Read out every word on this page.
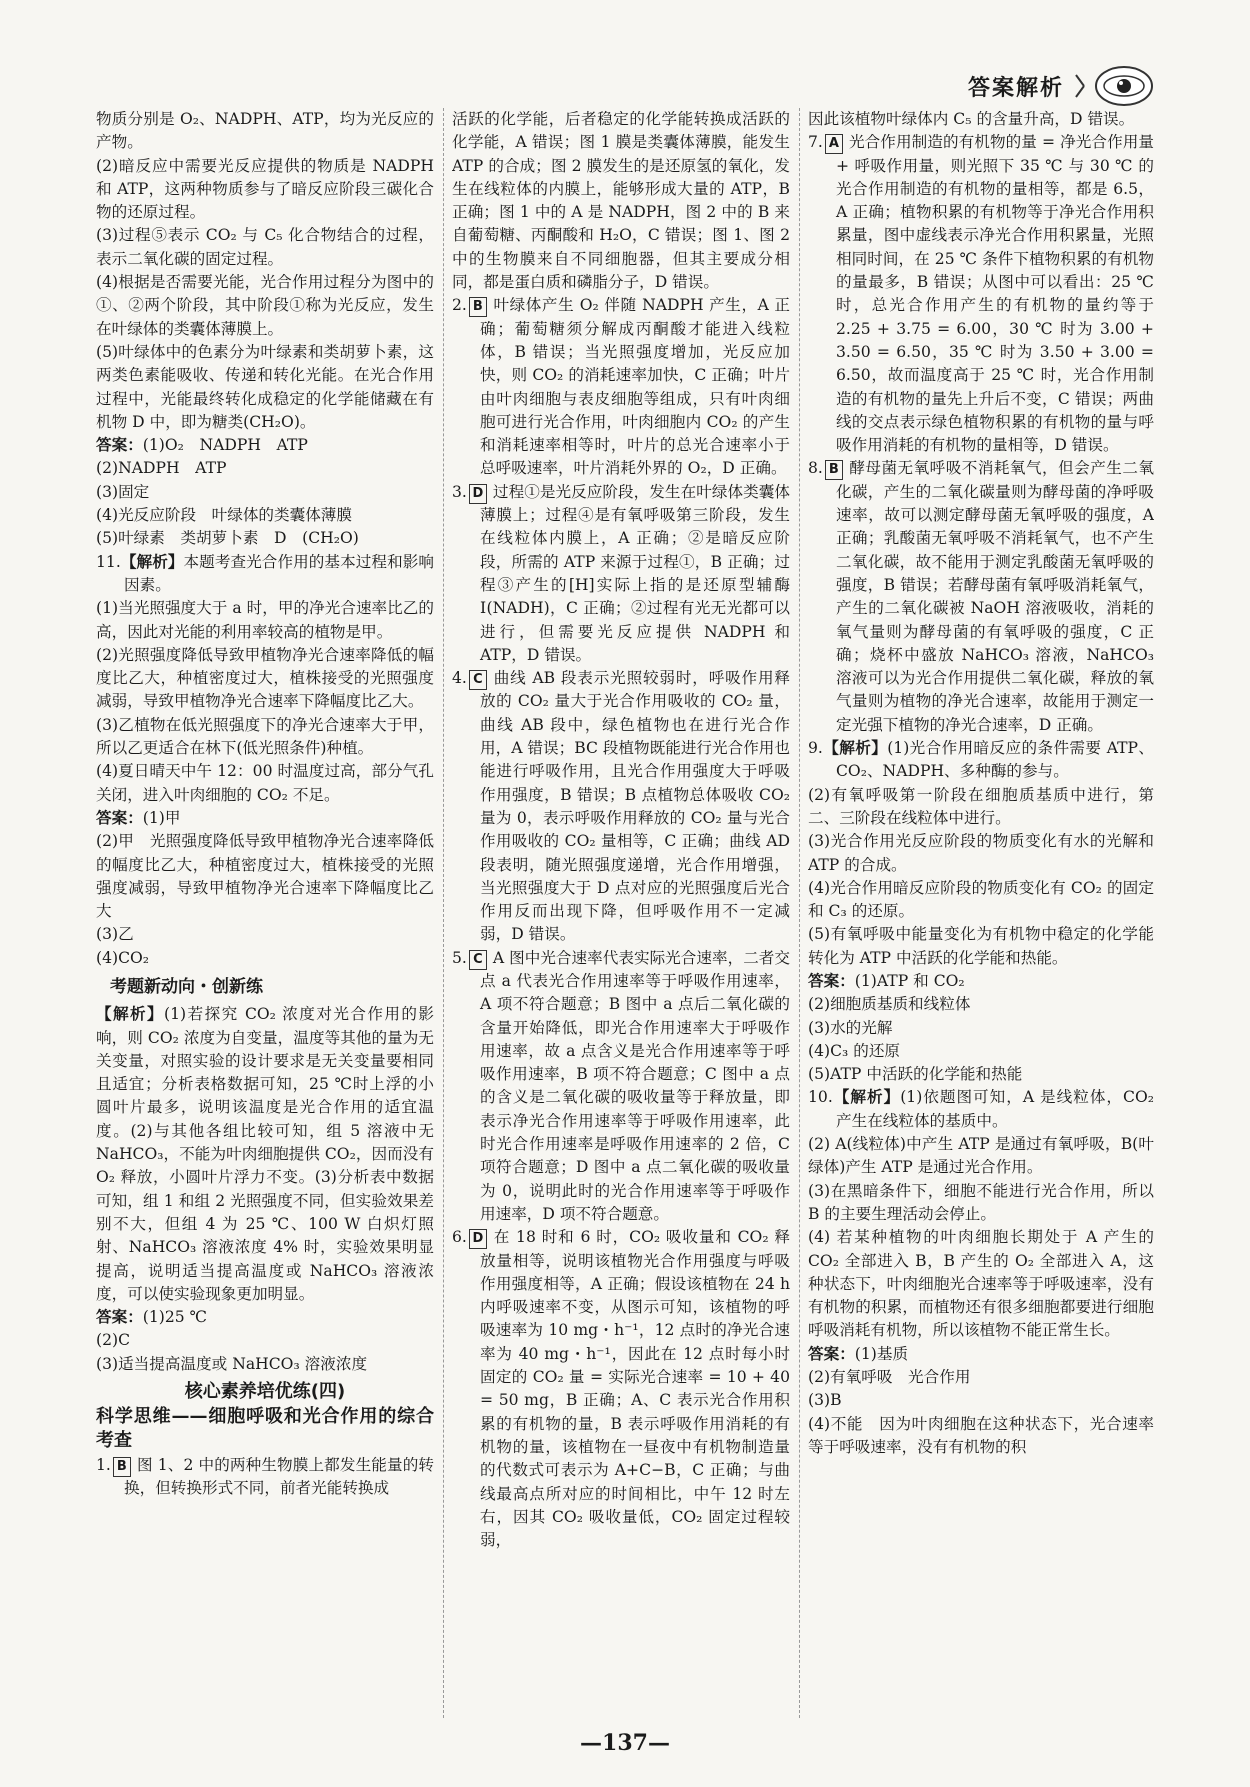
答案解析

物质分别是 O₂、NADPH、ATP，均为光反应的产物。

(2)暗反应中需要光反应提供的物质是 NADPH 和 ATP，这两种物质参与了暗反应阶段三碳化合物的还原过程。

(3)过程⑤表示 CO₂ 与 C₅ 化合物结合的过程，表示二氧化碳的固定过程。

(4)根据是否需要光能，光合作用过程分为图中的①、②两个阶段，其中阶段①称为光反应，发生在叶绿体的类囊体薄膜上。

(5)叶绿体中的色素分为叶绿素和类胡萝卜素，这两类色素能吸收、传递和转化光能。在光合作用过程中，光能最终转化成稳定的化学能储藏在有机物 D 中，即为糖类(CH₂O)。

答案：(1)O₂　NADPH　ATP

(2)NADPH　ATP

(3)固定

(4)光反应阶段　叶绿体的类囊体薄膜

(5)叶绿素　类胡萝卜素　D　(CH₂O)

11.【解析】本题考查光合作用的基本过程和影响因素。

(1)当光照强度大于 a 时，甲的净光合速率比乙的高，因此对光能的利用率较高的植物是甲。

(2)光照强度降低导致甲植物净光合速率降低的幅度比乙大，种植密度过大，植株接受的光照强度减弱，导致甲植物净光合速率下降幅度比乙大。

(3)乙植物在低光照强度下的净光合速率大于甲，所以乙更适合在林下(低光照条件)种植。

(4)夏日晴天中午 12：00 时温度过高，部分气孔关闭，进入叶肉细胞的 CO₂ 不足。

答案：(1)甲

(2)甲　光照强度降低导致甲植物净光合速率降低的幅度比乙大，种植密度过大，植株接受的光照强度减弱，导致甲植物净光合速率下降幅度比乙大

(3)乙

(4)CO₂

考题新动向・创新练

【解析】(1)若探究 CO₂ 浓度对光合作用的影响，则 CO₂ 浓度为自变量，温度等其他的量为无关变量，对照实验的设计要求是无关变量要相同且适宜；分析表格数据可知，25 ℃时上浮的小圆叶片最多，说明该温度是光合作用的适宜温度。(2)与其他各组比较可知，组 5 溶液中无 NaHCO₃，不能为叶肉细胞提供 CO₂，因而没有 O₂ 释放，小圆叶片浮力不变。(3)分析表中数据可知，组 1 和组 2 光照强度不同，但实验效果差别不大，但组 4 为 25 ℃、100 W 白炽灯照射、NaHCO₃ 溶液浓度 4% 时，实验效果明显提高，说明适当提高温度或 NaHCO₃ 溶液浓度，可以使实验现象更加明显。

答案：(1)25 ℃

(2)C

(3)适当提高温度或 NaHCO₃ 溶液浓度

核心素养培优练(四)
科学思维——细胞呼吸和光合作用的综合考查

1. B 图 1、2 中的两种生物膜上都发生能量的转换，但转换形式不同，前者光能转换成

活跃的化学能，后者稳定的化学能转换成活跃的化学能，A 错误；图 1 膜是类囊体薄膜，能发生 ATP 的合成；图 2 膜发生的是还原氢的氧化，发生在线粒体的内膜上，能够形成大量的 ATP，B 正确；图 1 中的 A 是 NADPH，图 2 中的 B 来自葡萄糖、丙酮酸和 H₂O，C 错误；图 1、图 2 中的生物膜来自不同细胞器，但其主要成分相同，都是蛋白质和磷脂分子，D 错误。

2. B 叶绿体产生 O₂ 伴随 NADPH 产生，A 正确；葡萄糖须分解成丙酮酸才能进入线粒体，B 错误；当光照强度增加，光反应加快，则 CO₂ 的消耗速率加快，C 正确；叶片由叶肉细胞与表皮细胞等组成，只有叶肉细胞可进行光合作用，叶肉细胞内 CO₂ 的产生和消耗速率相等时，叶片的总光合速率小于总呼吸速率，叶片消耗外界的 O₂，D 正确。

3. D 过程①是光反应阶段，发生在叶绿体类囊体薄膜上；过程④是有氧呼吸第三阶段，发生在线粒体内膜上，A 正确；②是暗反应阶段，所需的 ATP 来源于过程①，B 正确；过程③产生的[H]实际上指的是还原型辅酶Ⅰ(NADH)，C 正确；②过程有光无光都可以进行，但需要光反应提供 NADPH 和 ATP，D 错误。

4. C 曲线 AB 段表示光照较弱时，呼吸作用释放的 CO₂ 量大于光合作用吸收的 CO₂ 量，曲线 AB 段中，绿色植物也在进行光合作用，A 错误；BC 段植物既能进行光合作用也能进行呼吸作用，且光合作用强度大于呼吸作用强度，B 错误；B 点植物总体吸收 CO₂ 量为 0，表示呼吸作用释放的 CO₂ 量与光合作用吸收的 CO₂ 量相等，C 正确；曲线 AD 段表明，随光照强度递增，光合作用增强，当光照强度大于 D 点对应的光照强度后光合作用反而出现下降，但呼吸作用不一定减弱，D 错误。

5. C A 图中光合速率代表实际光合速率，二者交点 a 代表光合作用速率等于呼吸作用速率，A 项不符合题意；B 图中 a 点后二氧化碳的含量开始降低，即光合作用速率大于呼吸作用速率，故 a 点含义是光合作用速率等于呼吸作用速率，B 项不符合题意；C 图中 a 点的含义是二氧化碳的吸收量等于释放量，即表示净光合作用速率等于呼吸作用速率，此时光合作用速率是呼吸作用速率的 2 倍，C 项符合题意；D 图中 a 点二氧化碳的吸收量为 0，说明此时的光合作用速率等于呼吸作用速率，D 项不符合题意。

6. D 在 18 时和 6 时，CO₂ 吸收量和 CO₂ 释放量相等，说明该植物光合作用强度与呼吸作用强度相等，A 正确；假设该植物在 24 h 内呼吸速率不变，从图示可知，该植物的呼吸速率为 10 mg・h⁻¹，12 点时的净光合速率为 40 mg・h⁻¹，因此在 12 点时每小时固定的 CO₂ 量 = 实际光合速率 = 10 + 40 = 50 mg，B 正确；A、C 表示光合作用积累的有机物的量，B 表示呼吸作用消耗的有机物的量，该植物在一昼夜中有机物制造量的代数式可表示为 A+C−B，C 正确；与曲线最高点所对应的时间相比，中午 12 时左右，因其 CO₂ 吸收量低，CO₂ 固定过程较弱，

因此该植物叶绿体内 C₅ 的含量升高，D 错误。

7. A 光合作用制造的有机物的量 = 净光合作用量 + 呼吸作用量，则光照下 35 ℃ 与 30 ℃ 的光合作用制造的有机物的量相等，都是 6.5，A 正确；植物积累的有机物等于净光合作用积累量，图中虚线表示净光合作用积累量，光照相同时间，在 25 ℃ 条件下植物积累的有机物的量最多，B 错误；从图中可以看出：25 ℃ 时，总光合作用产生的有机物的量约等于 2.25 + 3.75 = 6.00，30 ℃ 时为 3.00 + 3.50 = 6.50，35 ℃ 时为 3.50 + 3.00 = 6.50，故而温度高于 25 ℃ 时，光合作用制造的有机物的量先上升后不变，C 错误；两曲线的交点表示绿色植物积累的有机物的量与呼吸作用消耗的有机物的量相等，D 错误。

8. B 酵母菌无氧呼吸不消耗氧气，但会产生二氧化碳，产生的二氧化碳量则为酵母菌的净呼吸速率，故可以测定酵母菌无氧呼吸的强度，A 正确；乳酸菌无氧呼吸不消耗氧气，也不产生二氧化碳，故不能用于测定乳酸菌无氧呼吸的强度，B 错误；若酵母菌有氧呼吸消耗氧气，产生的二氧化碳被 NaOH 溶液吸收，消耗的氧气量则为酵母菌的有氧呼吸的强度，C 正确；烧杯中盛放 NaHCO₃ 溶液，NaHCO₃ 溶液可以为光合作用提供二氧化碳，释放的氧气量则为植物的净光合速率，故能用于测定一定光强下植物的净光合速率，D 正确。

9.【解析】(1)光合作用暗反应的条件需要 ATP、CO₂、NADPH、多种酶的参与。

(2)有氧呼吸第一阶段在细胞质基质中进行，第二、三阶段在线粒体中进行。

(3)光合作用光反应阶段的物质变化有水的光解和 ATP 的合成。

(4)光合作用暗反应阶段的物质变化有 CO₂ 的固定和 C₃ 的还原。

(5)有氧呼吸中能量变化为有机物中稳定的化学能转化为 ATP 中活跃的化学能和热能。

答案：(1)ATP 和 CO₂

(2)细胞质基质和线粒体

(3)水的光解

(4)C₃ 的还原

(5)ATP 中活跃的化学能和热能

10.【解析】(1)依题图可知，A 是线粒体，CO₂ 产生在线粒体的基质中。

(2) A(线粒体)中产生 ATP 是通过有氧呼吸，B(叶绿体)产生 ATP 是通过光合作用。

(3)在黑暗条件下，细胞不能进行光合作用，所以 B 的主要生理活动会停止。

(4) 若某种植物的叶肉细胞长期处于 A 产生的 CO₂ 全部进入 B，B 产生的 O₂ 全部进入 A，这种状态下，叶肉细胞光合速率等于呼吸速率，没有有机物的积累，而植物还有很多细胞都要进行细胞呼吸消耗有机物，所以该植物不能正常生长。

答案：(1)基质

(2)有氧呼吸　光合作用

(3)B

(4)不能　因为叶肉细胞在这种状态下，光合速率等于呼吸速率，没有有机物的积

—137—
